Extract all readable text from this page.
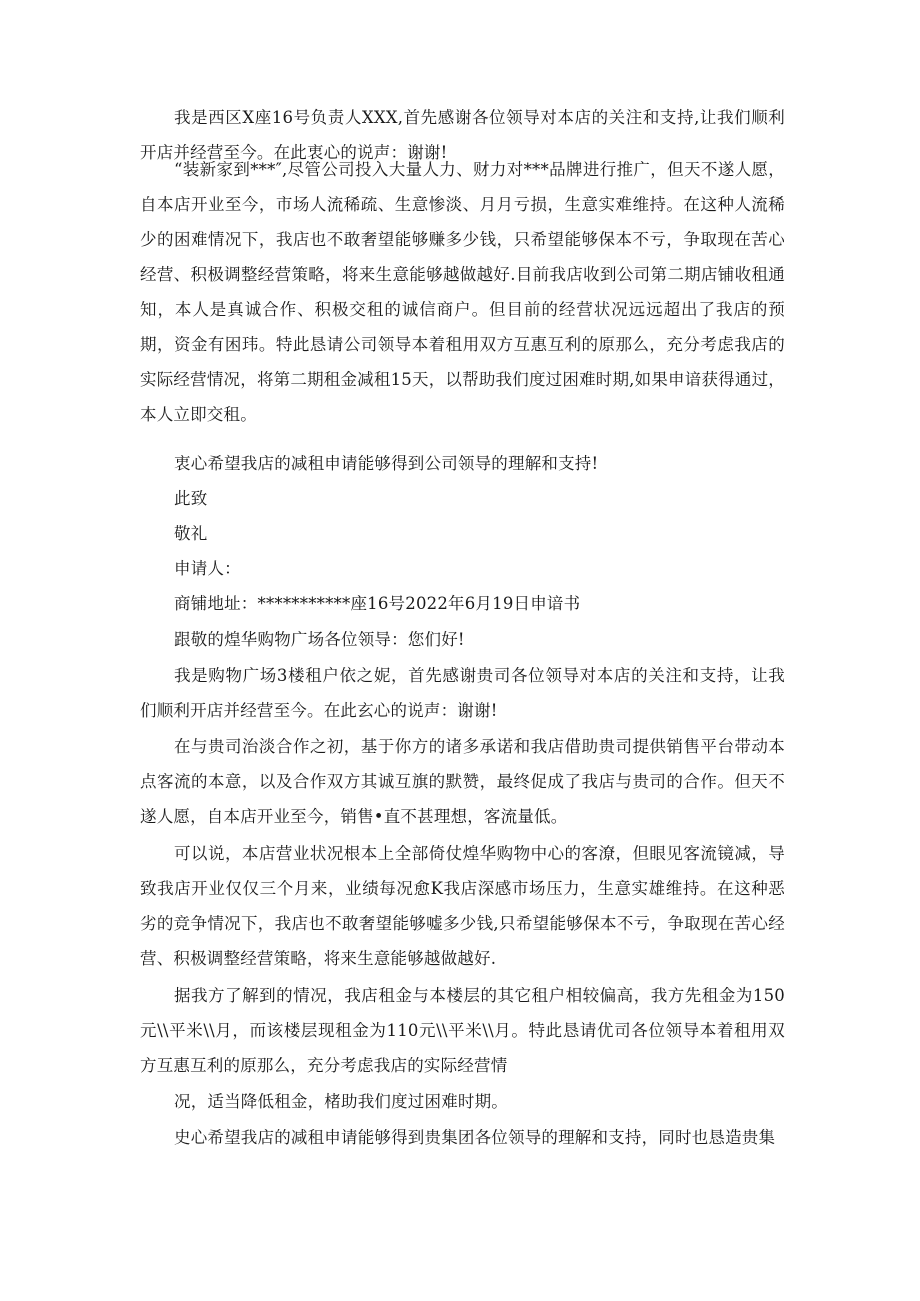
我是西区X座16号负责人XXX,首先感谢各位领导对本店的关注和支持,让我们顺利开店并经营至今。在此衷心的说声：谢谢!

“装新家到***″,尽管公司投入大量人力、财力对***品牌进行推广，但天不遂人愿，自本店开业至今，市场人流稀疏、生意惨淡、月月亏损，生意实难维持。在这种人流稀少的困难情况下，我店也不敢奢望能够赚多少钱，只希望能够保本不亏，争取现在苦心经营、积极调整经营策略，将来生意能够越做越好.目前我店收到公司第二期店铺收租通知，本人是真诚合作、积极交租的诚信商户。但目前的经营状况远远超出了我店的预期，资金有困玮。特此恳请公司领导本着租用双方互惠互利的原那么，充分考虑我店的实际经营情况，将第二期租金减租15天，以帮助我们度过困难时期,如果申谙获得通过，本人立即交租。

衷心希望我店的减租申请能够得到公司领导的理解和支持!

此致

敬礼

申请人：

商铺地址：***********座16号2022年6月19日申谙书

跟敬的煌华购物广场各位领导：您们好!

我是购物广场3楼租户依之妮，首先感谢贵司各位领导对本店的关注和支持，让我们顺利开店并经营至今。在此玄心的说声：谢谢!

在与贵司治淡合作之初，基于你方的诸多承诺和我店借助贵司提供销售平台带动本点客流的本意，以及合作双方其诚互旗的默赞，最终促成了我店与贵司的合作。但天不遂人愿，自本店开业至今，销售•直不甚理想，客流量低。

可以说，本店营业状况根本上全部倚仗煌华购物中心的客潦，但眼见客流镜减，导致我店开业仅仅三个月来，业绩每况愈K我店深感市场压力，生意实雄维持。在这种恶劣的竞争情况下，我店也不敢奢望能够嘘多少钱,只希望能够保本不亏，争取现在苦心经营、积极调整经营策略，将来生意能够越做越好.

据我方了解到的情况，我店租金与本楼层的其它租户相较偏高，我方先租金为150元\\平米\\月，而该楼层现租金为110元\\平米\\月。特此恳请优司各位领导本着租用双方互惠互利的原那么，充分考虑我店的实际经营情

况，适当降低租金，楮助我们度过困难时期。

史心希望我店的减租申请能够得到贵集团各位领导的理解和支持，同时也恳造贵集
